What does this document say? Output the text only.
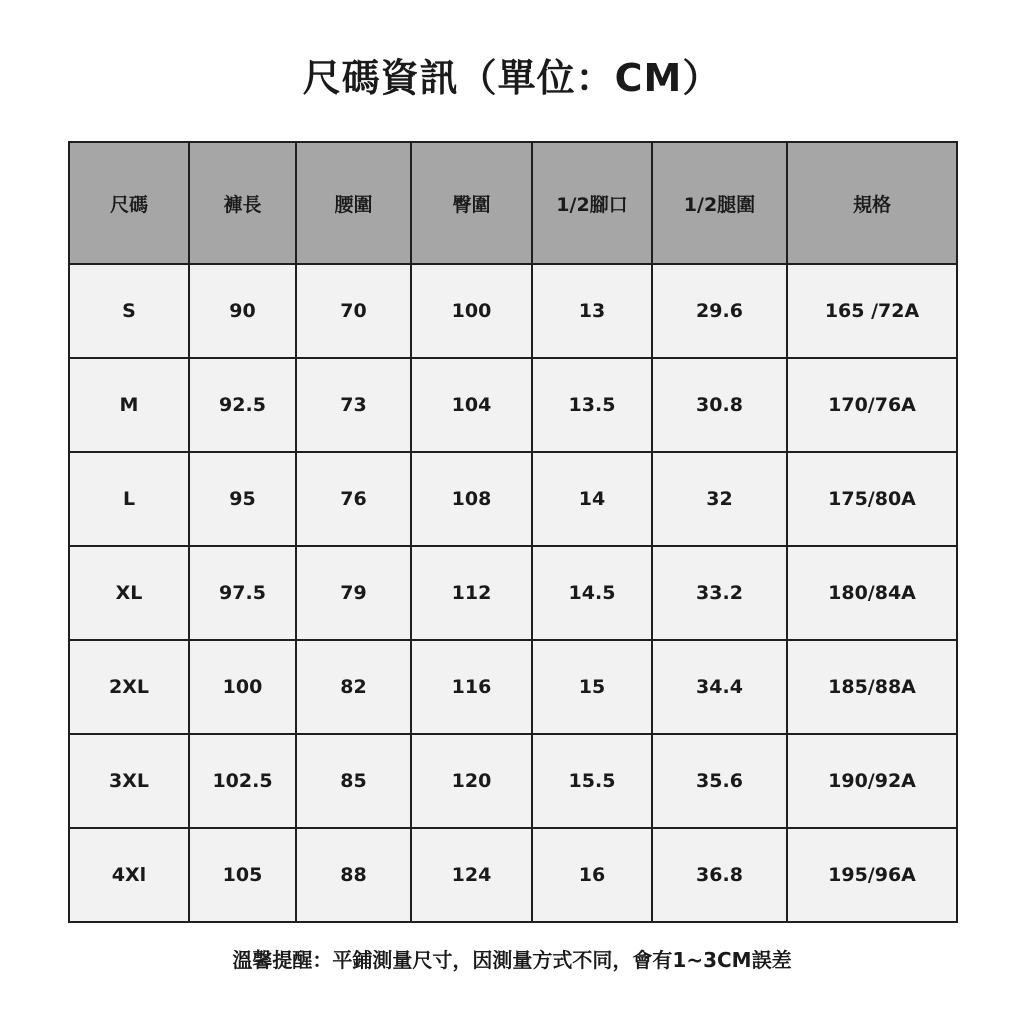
尺碼資訊（單位：CM）
尺碼	褲長	腰圍	臀圍	1/2腳口	1/2腿圍	規格
S	90	70	100	13	29.6	165 /72A
M	92.5	73	104	13.5	30.8	170/76A
L	95	76	108	14	32	175/80A
XL	97.5	79	112	14.5	33.2	180/84A
2XL	100	82	116	15	34.4	185/88A
3XL	102.5	85	120	15.5	35.6	190/92A
4Xl	105	88	124	16	36.8	195/96A
溫馨提醒：平鋪測量尺寸，因測量方式不同，會有1~3CM誤差
